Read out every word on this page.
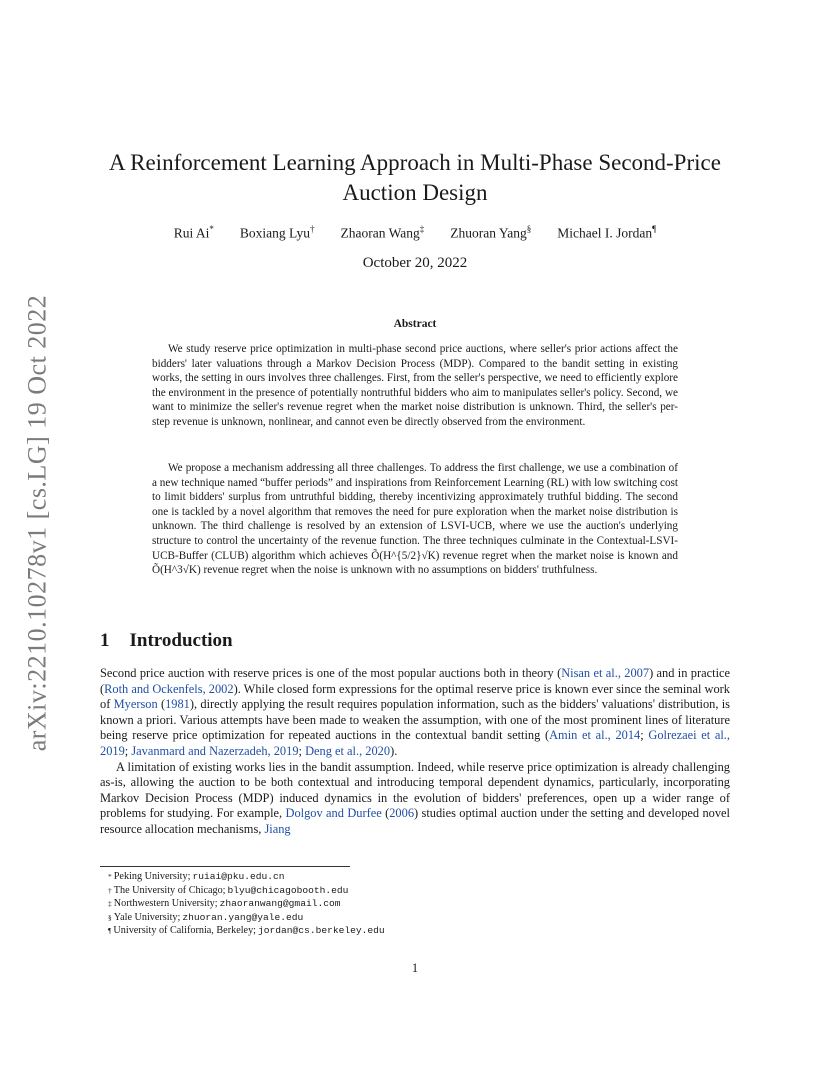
arXiv:2210.10278v1 [cs.LG] 19 Oct 2022
A Reinforcement Learning Approach in Multi-Phase Second-Price Auction Design
Rui Ai* Boxiang Lyu† Zhaoran Wang‡ Zhuoran Yang§ Michael I. Jordan¶
October 20, 2022
Abstract

We study reserve price optimization in multi-phase second price auctions, where seller's prior actions affect the bidders' later valuations through a Markov Decision Process (MDP). Compared to the bandit setting in existing works, the setting in ours involves three challenges. First, from the seller's perspective, we need to efficiently explore the environment in the presence of potentially nontruthful bidders who aim to manipulates seller's policy. Second, we want to minimize the seller's revenue regret when the market noise distribution is unknown. Third, the seller's per-step revenue is unknown, nonlinear, and cannot even be directly observed from the environment.

We propose a mechanism addressing all three challenges. To address the first challenge, we use a combination of a new technique named “buffer periods” and inspirations from Reinforcement Learning (RL) with low switching cost to limit bidders' surplus from untruthful bidding, thereby incentivizing approximately truthful bidding. The second one is tackled by a novel algorithm that removes the need for pure exploration when the market noise distribution is unknown. The third challenge is resolved by an extension of LSVI-UCB, where we use the auction's underlying structure to control the uncertainty of the revenue function. The three techniques culminate in the Contextual-LSVI-UCB-Buffer (CLUB) algorithm which achieves Õ(H^{5/2}√K) revenue regret when the market noise is known and Õ(H^3√K) revenue regret when the noise is unknown with no assumptions on bidders' truthfulness.

1 Introduction

Second price auction with reserve prices is one of the most popular auctions both in theory (Nisan et al., 2007) and in practice (Roth and Ockenfels, 2002). While closed form expressions for the optimal reserve price is known ever since the seminal work of Myerson (1981), directly applying the result requires population information, such as the bidders' valuations' distribution, is known a priori. Various attempts have been made to weaken the assumption, with one of the most prominent lines of literature being reserve price optimization for repeated auctions in the contextual bandit setting (Amin et al., 2014; Golrezaei et al., 2019; Javanmard and Nazerzadeh, 2019; Deng et al., 2020).

A limitation of existing works lies in the bandit assumption. Indeed, while reserve price optimization is already challenging as-is, allowing the auction to be both contextual and introducing temporal dependent dynamics, particularly, incorporating Markov Decision Process (MDP) induced dynamics in the evolution of bidders' preferences, open up a wider range of problems for studying. For example, Dolgov and Durfee (2006) studies optimal auction under the setting and developed novel resource allocation mechanisms, Jiang

* Peking University; ruiai@pku.edu.cn
† The University of Chicago; blyu@chicagobooth.edu
‡ Northwestern University; zhaoranwang@gmail.com
§ Yale University; zhuoran.yang@yale.edu
¶ University of California, Berkeley; jordan@cs.berkeley.edu
1
